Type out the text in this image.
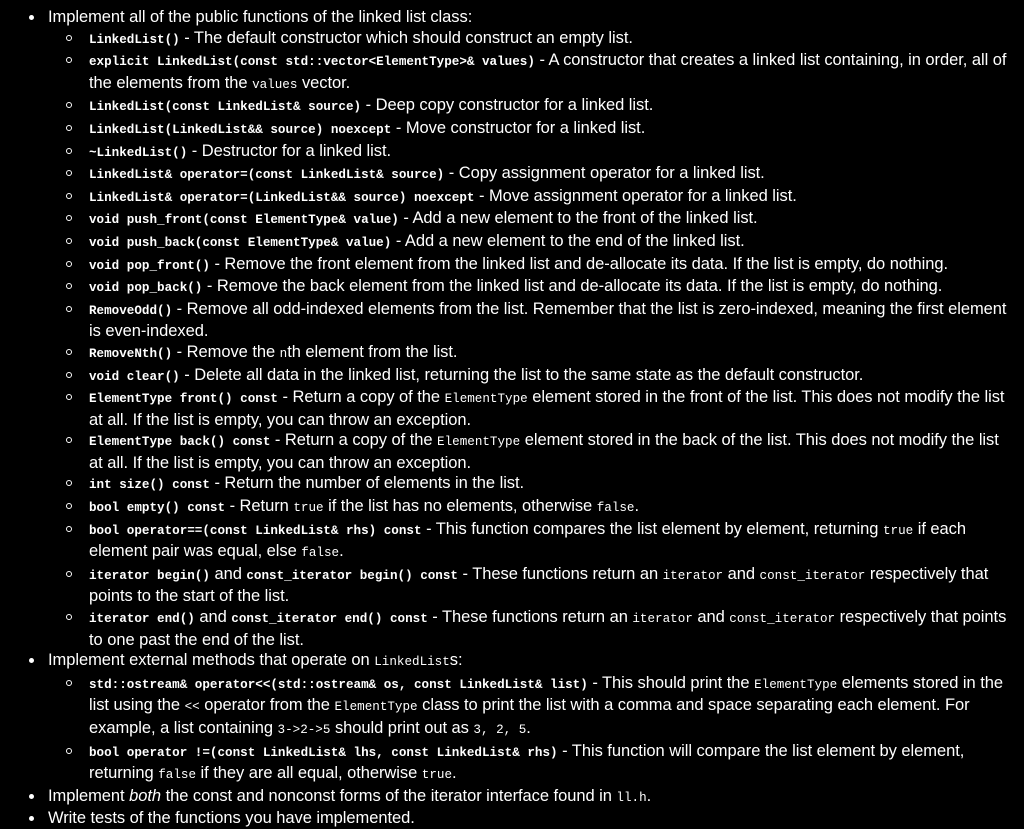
Implement all of the public functions of the linked list class:
LinkedList() - The default constructor which should construct an empty list.
explicit LinkedList(const std::vector<ElementType>& values) - A constructor that creates a linked list containing, in order, all of the elements from the values vector.
LinkedList(const LinkedList& source) - Deep copy constructor for a linked list.
LinkedList(LinkedList&& source) noexcept - Move constructor for a linked list.
~LinkedList() - Destructor for a linked list.
LinkedList& operator=(const LinkedList& source) - Copy assignment operator for a linked list.
LinkedList& operator=(LinkedList&& source) noexcept - Move assignment operator for a linked list.
void push_front(const ElementType& value) - Add a new element to the front of the linked list.
void push_back(const ElementType& value) - Add a new element to the end of the linked list.
void pop_front() - Remove the front element from the linked list and de-allocate its data. If the list is empty, do nothing.
void pop_back() - Remove the back element from the linked list and de-allocate its data. If the list is empty, do nothing.
RemoveOdd() - Remove all odd-indexed elements from the list. Remember that the list is zero-indexed, meaning the first element is even-indexed.
RemoveNth() - Remove the nth element from the list.
void clear() - Delete all data in the linked list, returning the list to the same state as the default constructor.
ElementType front() const - Return a copy of the ElementType element stored in the front of the list. This does not modify the list at all. If the list is empty, you can throw an exception.
ElementType back() const - Return a copy of the ElementType element stored in the back of the list. This does not modify the list at all. If the list is empty, you can throw an exception.
int size() const - Return the number of elements in the list.
bool empty() const - Return true if the list has no elements, otherwise false.
bool operator==(const LinkedList& rhs) const - This function compares the list element by element, returning true if each element pair was equal, else false.
iterator begin() and const_iterator begin() const - These functions return an iterator and const_iterator respectively that points to the start of the list.
iterator end() and const_iterator end() const - These functions return an iterator and const_iterator respectively that points to one past the end of the list.
Implement external methods that operate on LinkedLists:
std::ostream& operator<<(std::ostream& os, const LinkedList& list) - This should print the ElementType elements stored in the list using the << operator from the ElementType class to print the list with a comma and space separating each element. For example, a list containing 3->2->5 should print out as 3, 2, 5.
bool operator !=(const LinkedList& lhs, const LinkedList& rhs) - This function will compare the list element by element, returning false if they are all equal, otherwise true.
Implement both the const and nonconst forms of the iterator interface found in ll.h.
Write tests of the functions you have implemented.
